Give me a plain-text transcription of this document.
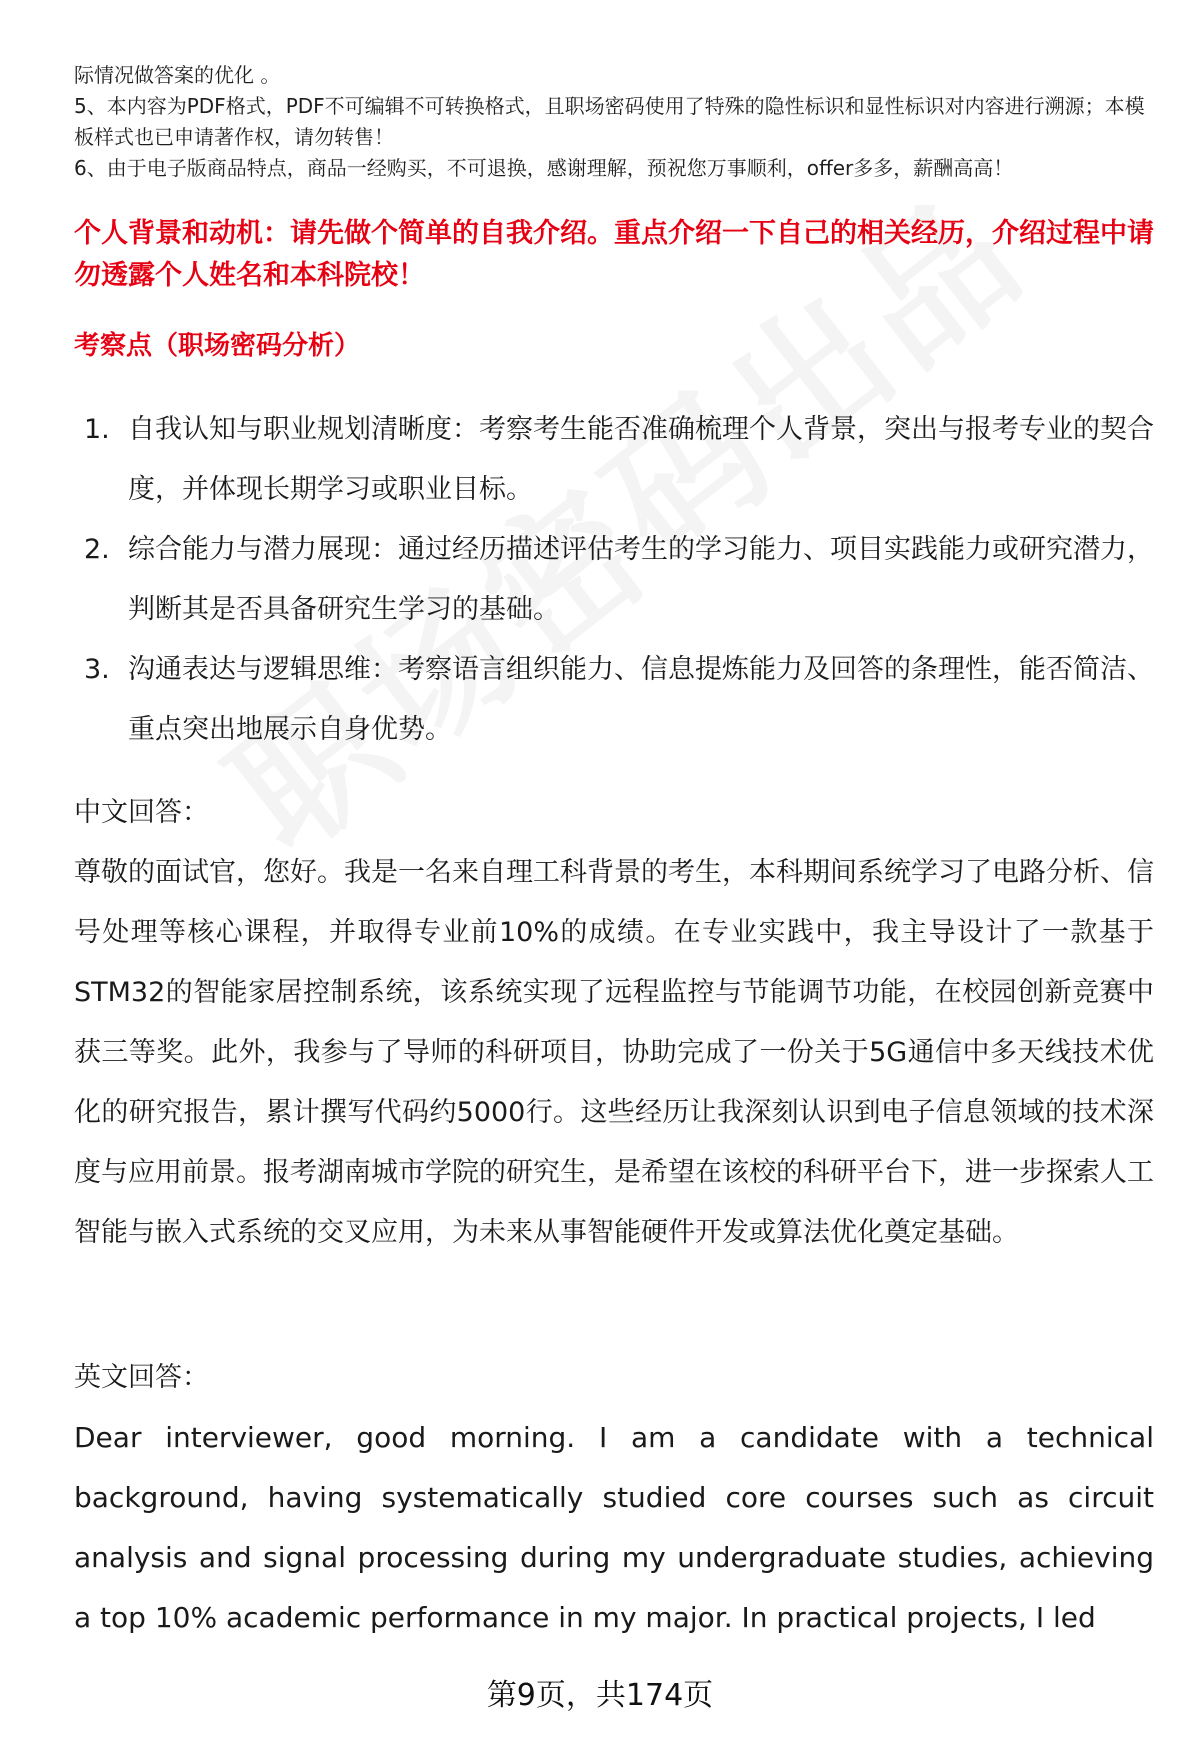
际情况做答案的优化 。
5、本内容为PDF格式，PDF不可编辑不可转换格式，且职场密码使用了特殊的隐性标识和显性标识对内容进行溯源；本模板样式也已申请著作权，请勿转售！
6、由于电子版商品特点，商品一经购买，不可退换，感谢理解，预祝您万事顺利，offer多多，薪酬高高！
个人背景和动机：请先做个简单的自我介绍。重点介绍一下自己的相关经历，介绍过程中请勿透露个人姓名和本科院校！
考察点（职场密码分析）
1. 自我认知与职业规划清晰度：考察考生能否准确梳理个人背景，突出与报考专业的契合度，并体现长期学习或职业目标。
2. 综合能力与潜力展现：通过经历描述评估考生的学习能力、项目实践能力或研究潜力，判断其是否具备研究生学习的基础。
3. 沟通表达与逻辑思维：考察语言组织能力、信息提炼能力及回答的条理性，能否简洁、重点突出地展示自身优势。
中文回答：
尊敬的面试官，您好。我是一名来自理工科背景的考生，本科期间系统学习了电路分析、信号处理等核心课程，并取得专业前10%的成绩。在专业实践中，我主导设计了一款基于STM32的智能家居控制系统，该系统实现了远程监控与节能调节功能，在校园创新竞赛中获三等奖。此外，我参与了导师的科研项目，协助完成了一份关于5G通信中多天线技术优化的研究报告，累计撰写代码约5000行。这些经历让我深刻认识到电子信息领域的技术深度与应用前景。报考湖南城市学院的研究生，是希望在该校的科研平台下，进一步探索人工智能与嵌入式系统的交叉应用，为未来从事智能硬件开发或算法优化奠定基础。
英文回答：
Dear interviewer, good morning. I am a candidate with a technical background, having systematically studied core courses such as circuit analysis and signal processing during my undergraduate studies, achieving a top 10% academic performance in my major. In practical projects, I led
第9页，共174页
